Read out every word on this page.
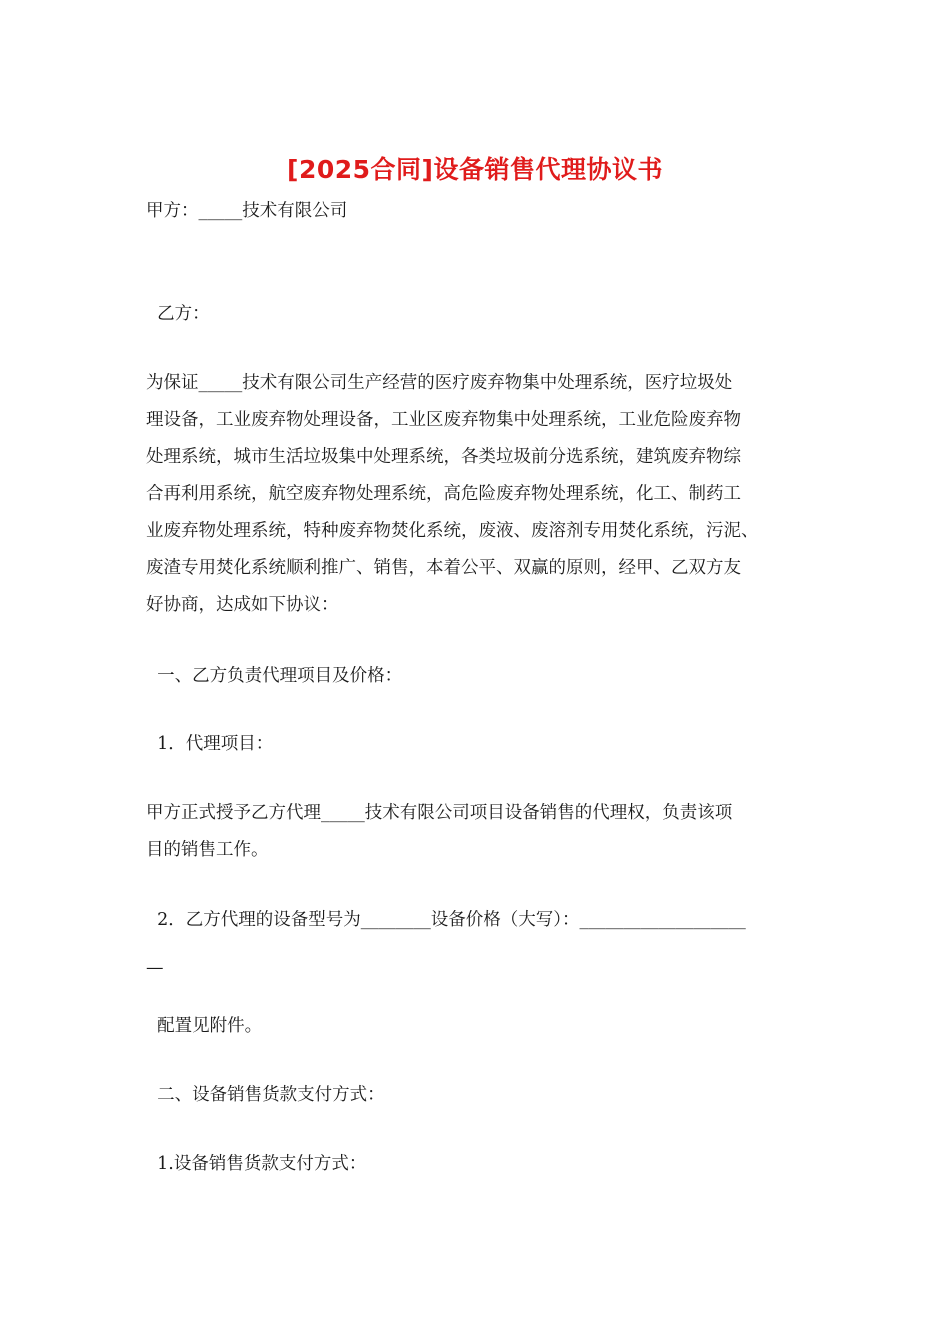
[2025合同]设备销售代理协议书
甲方：_____技术有限公司
乙方：
为保证_____技术有限公司生产经营的医疗废弃物集中处理系统，医疗垃圾处
理设备，工业废弃物处理设备，工业区废弃物集中处理系统，工业危险废弃物
处理系统，城市生活垃圾集中处理系统，各类垃圾前分选系统，建筑废弃物综
合再利用系统，航空废弃物处理系统，高危险废弃物处理系统，化工、制药工
业废弃物处理系统，特种废弃物焚化系统，废液、废溶剂专用焚化系统，污泥、
废渣专用焚化系统顺利推广、销售，本着公平、双赢的原则，经甲、乙双方友
好协商，达成如下协议：
一、乙方负责代理项目及价格：
1．代理项目：
甲方正式授予乙方代理_____技术有限公司项目设备销售的代理权，负责该项
目的销售工作。
2．乙方代理的设备型号为________设备价格（大写）：___________________
—
配置见附件。
二、设备销售货款支付方式：
1.设备销售货款支付方式：
